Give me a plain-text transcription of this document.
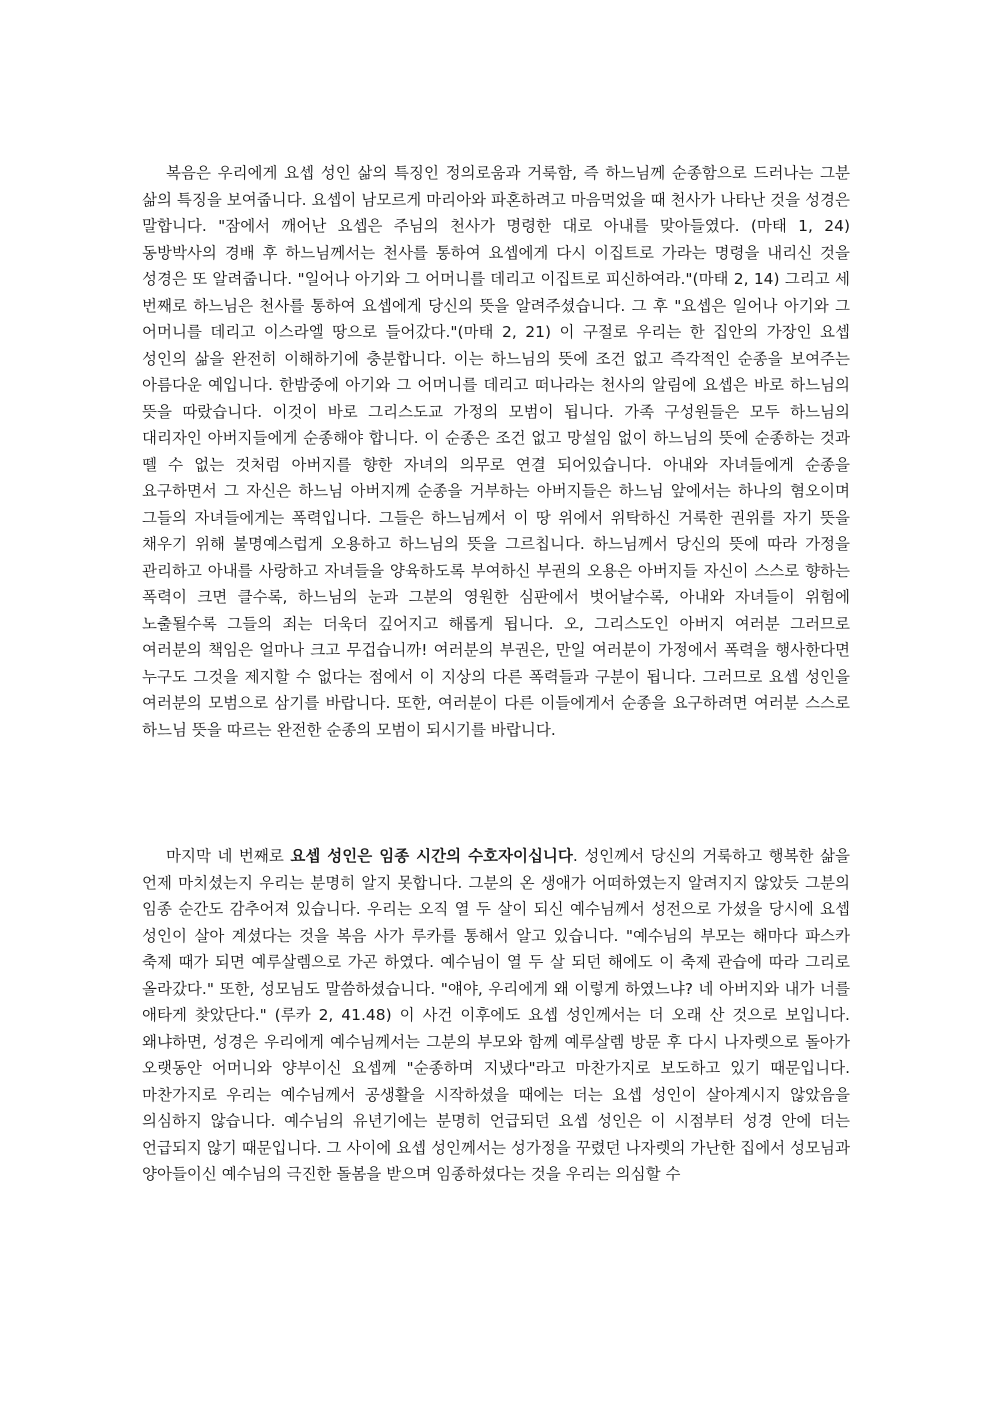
복음은 우리에게 요셉 성인 삶의 특징인 정의로움과 거룩함, 즉 하느님께 순종함으로 드러나는 그분 삶의 특징을 보여줍니다. 요셉이 남모르게 마리아와 파혼하려고 마음먹었을 때 천사가 나타난 것을 성경은 말합니다. "잠에서 깨어난 요셉은 주님의 천사가 명령한 대로 아내를 맞아들였다. (마태 1, 24) 동방박사의 경배 후 하느님께서는 천사를 통하여 요셉에게 다시 이집트로 가라는 명령을 내리신 것을 성경은 또 알려줍니다. "일어나 아기와 그 어머니를 데리고 이집트로 피신하여라."(마태 2, 14) 그리고 세 번째로 하느님은 천사를 통하여 요셉에게 당신의 뜻을 알려주셨습니다. 그 후 "요셉은 일어나 아기와 그 어머니를 데리고 이스라엘 땅으로 들어갔다."(마태 2, 21) 이 구절로 우리는 한 집안의 가장인 요셉 성인의 삶을 완전히 이해하기에 충분합니다. 이는 하느님의 뜻에 조건 없고 즉각적인 순종을 보여주는 아름다운 예입니다. 한밤중에 아기와 그 어머니를 데리고 떠나라는 천사의 알림에 요셉은 바로 하느님의 뜻을 따랐습니다. 이것이 바로 그리스도교 가정의 모범이 됩니다. 가족 구성원들은 모두 하느님의 대리자인 아버지들에게 순종해야 합니다. 이 순종은 조건 없고 망설임 없이 하느님의 뜻에 순종하는 것과 뗄 수 없는 것처럼 아버지를 향한 자녀의 의무로 연결 되어있습니다. 아내와 자녀들에게 순종을 요구하면서 그 자신은 하느님 아버지께 순종을 거부하는 아버지들은 하느님 앞에서는 하나의 혐오이며 그들의 자녀들에게는 폭력입니다. 그들은 하느님께서 이 땅 위에서 위탁하신 거룩한 권위를 자기 뜻을 채우기 위해 불명예스럽게 오용하고 하느님의 뜻을 그르칩니다. 하느님께서 당신의 뜻에 따라 가정을 관리하고 아내를 사랑하고 자녀들을 양육하도록 부여하신 부권의 오용은 아버지들 자신이 스스로 향하는 폭력이 크면 클수록, 하느님의 눈과 그분의 영원한 심판에서 벗어날수록, 아내와 자녀들이 위험에 노출될수록 그들의 죄는 더욱더 깊어지고 해롭게 됩니다. 오, 그리스도인 아버지 여러분 그러므로 여러분의 책임은 얼마나 크고 무겁습니까! 여러분의 부권은, 만일 여러분이 가정에서 폭력을 행사한다면 누구도 그것을 제지할 수 없다는 점에서 이 지상의 다른 폭력들과 구분이 됩니다. 그러므로 요셉 성인을 여러분의 모범으로 삼기를 바랍니다. 또한, 여러분이 다른 이들에게서 순종을 요구하려면 여러분 스스로 하느님 뜻을 따르는 완전한 순종의 모범이 되시기를 바랍니다.

마지막 네 번째로 요셉 성인은 임종 시간의 수호자이십니다. 성인께서 당신의 거룩하고 행복한 삶을 언제 마치셨는지 우리는 분명히 알지 못합니다. 그분의 온 생애가 어떠하였는지 알려지지 않았듯 그분의 임종 순간도 감추어져 있습니다. 우리는 오직 열 두 살이 되신 예수님께서 성전으로 가셨을 당시에 요셉 성인이 살아 계셨다는 것을 복음 사가 루카를 통해서 알고 있습니다. "예수님의 부모는 해마다 파스카 축제 때가 되면 예루살렘으로 가곤 하였다. 예수님이 열 두 살 되던 해에도 이 축제 관습에 따라 그리로 올라갔다." 또한, 성모님도 말씀하셨습니다. "얘야, 우리에게 왜 이렇게 하였느냐? 네 아버지와 내가 너를 애타게 찾았단다." (루카 2, 41.48) 이 사건 이후에도 요셉 성인께서는 더 오래 산 것으로 보입니다. 왜냐하면, 성경은 우리에게 예수님께서는 그분의 부모와 함께 예루살렘 방문 후 다시 나자렛으로 돌아가 오랫동안 어머니와 양부이신 요셉께 "순종하며 지냈다"라고 마찬가지로 보도하고 있기 때문입니다. 마찬가지로 우리는 예수님께서 공생활을 시작하셨을 때에는 더는 요셉 성인이 살아계시지 않았음을 의심하지 않습니다. 예수님의 유년기에는 분명히 언급되던 요셉 성인은 이 시점부터 성경 안에 더는 언급되지 않기 때문입니다. 그 사이에 요셉 성인께서는 성가정을 꾸렸던 나자렛의 가난한 집에서 성모님과 양아들이신 예수님의 극진한 돌봄을 받으며 임종하셨다는 것을 우리는 의심할 수
